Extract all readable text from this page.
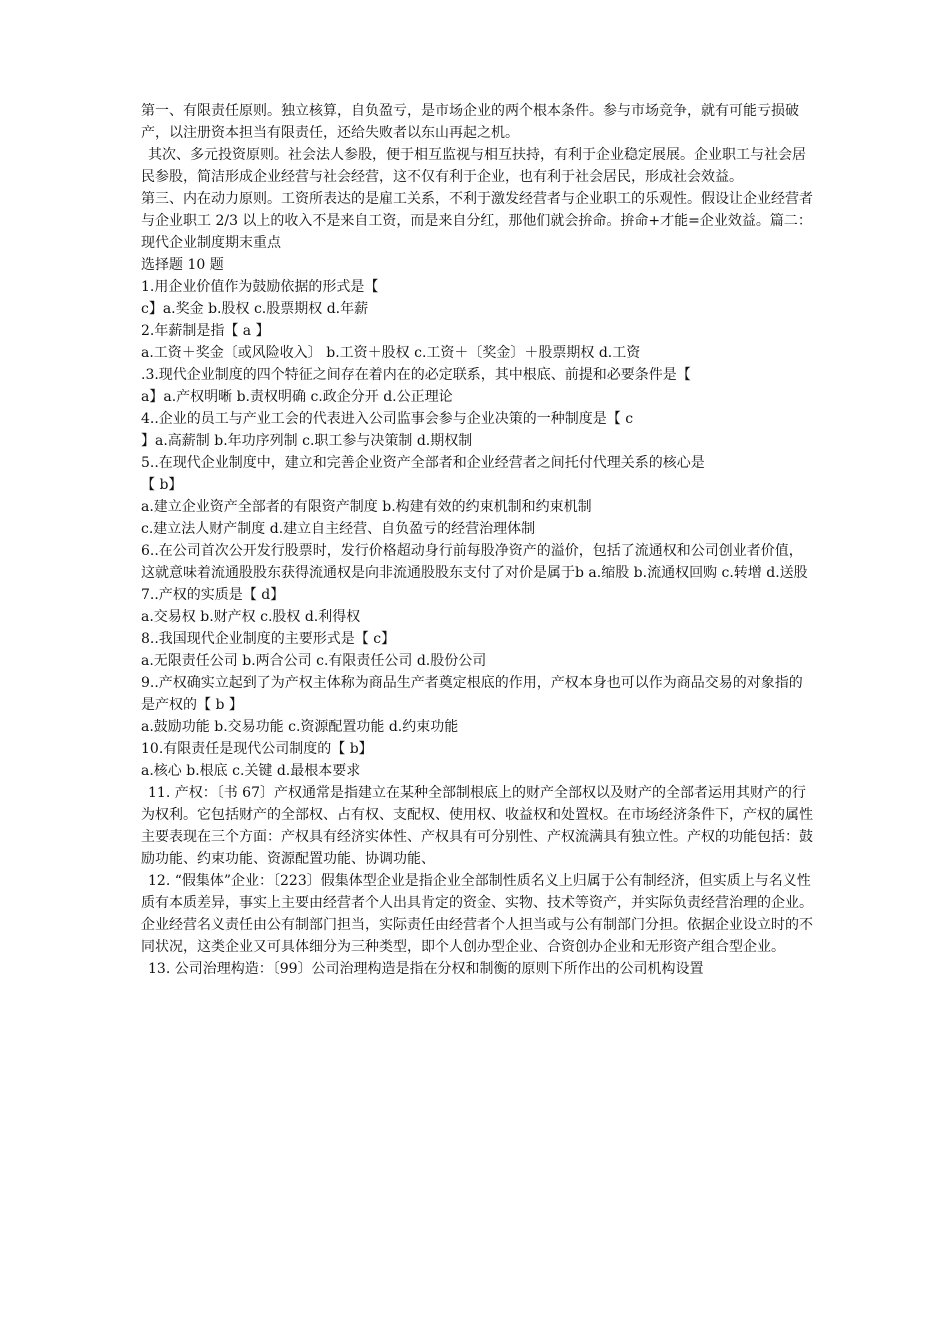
第一、有限责任原则。独立核算，自负盈亏，是市场企业的两个根本条件。参与市场竞争，就有可能亏损破产，以注册资本担当有限责任，还给失败者以东山再起之机。

其次、多元投资原则。社会法人参股，便于相互监视与相互扶持，有利于企业稳定展展。企业职工与社会居民参股，简洁形成企业经营与社会经营，这不仅有利于企业，也有利于社会居民，形成社会效益。

第三、内在动力原则。工资所表达的是雇工关系，不利于激发经营者与企业职工的乐观性。假设让企业经营者与企业职工 2/3 以上的收入不是来自工资，而是来自分红，那他们就会拚命。拚命+才能=企业效益。篇二：现代企业制度期末重点

选择题 10 题

1.用企业价值作为鼓励依据的形式是【

c】a.奖金 b.股权 c.股票期权 d.年薪

2.年薪制是指【 a 】

a.工资＋奖金〔或风险收入〕 b.工资＋股权 c.工资＋〔奖金〕＋股票期权 d.工资

.3.现代企业制度的四个特征之间存在着内在的必定联系，其中根底、前提和必要条件是【

a】a.产权明晰 b.责权明确 c.政企分开 d.公正理论

4..企业的员工与产业工会的代表进入公司监事会参与企业决策的一种制度是【 c

】a.高薪制 b.年功序列制 c.职工参与决策制 d.期权制

5..在现代企业制度中，建立和完善企业资产全部者和企业经营者之间托付代理关系的核心是

【 b】

a.建立企业资产全部者的有限资产制度 b.构建有效的约束机制和约束机制

c.建立法人财产制度 d.建立自主经营、自负盈亏的经营治理体制

6..在公司首次公开发行股票时，发行价格超动身行前每股净资产的溢价，包括了流通权和公司创业者价值，这就意味着流通股股东获得流通权是向非流通股股东支付了对价是属于b a.缩股 b.流通权回购 c.转增 d.送股

7..产权的实质是【 d】

a.交易权 b.财产权 c.股权 d.利得权

8..我国现代企业制度的主要形式是【 c】

a.无限责任公司 b.两合公司 c.有限责任公司 d.股份公司

9..产权确实立起到了为产权主体称为商品生产者奠定根底的作用，产权本身也可以作为商品交易的对象指的是产权的【 b 】

a.鼓励功能 b.交易功能 c.资源配置功能 d.约束功能

10.有限责任是现代公司制度的【 b】

a.核心 b.根底 c.关键 d.最根本要求

11. 产权：〔书 67〕产权通常是指建立在某种全部制根底上的财产全部权以及财产的全部者运用其财产的行为权利。它包括财产的全部权、占有权、支配权、使用权、收益权和处置权。在市场经济条件下，产权的属性主要表现在三个方面：产权具有经济实体性、产权具有可分别性、产权流满具有独立性。产权的功能包括：鼓励功能、约束功能、资源配置功能、协调功能、

12. “假集体”企业：〔223〕假集体型企业是指企业全部制性质名义上归属于公有制经济，但实质上与名义性质有本质差异，事实上主要由经营者个人出具肯定的资金、实物、技术等资产，并实际负责经营治理的企业。企业经营名义责任由公有制部门担当，实际责任由经营者个人担当或与公有制部门分担。依据企业设立时的不同状况，这类企业又可具体细分为三种类型，即个人创办型企业、合资创办企业和无形资产组合型企业。

13. 公司治理构造：〔99〕公司治理构造是指在分权和制衡的原则下所作出的公司机构设置
